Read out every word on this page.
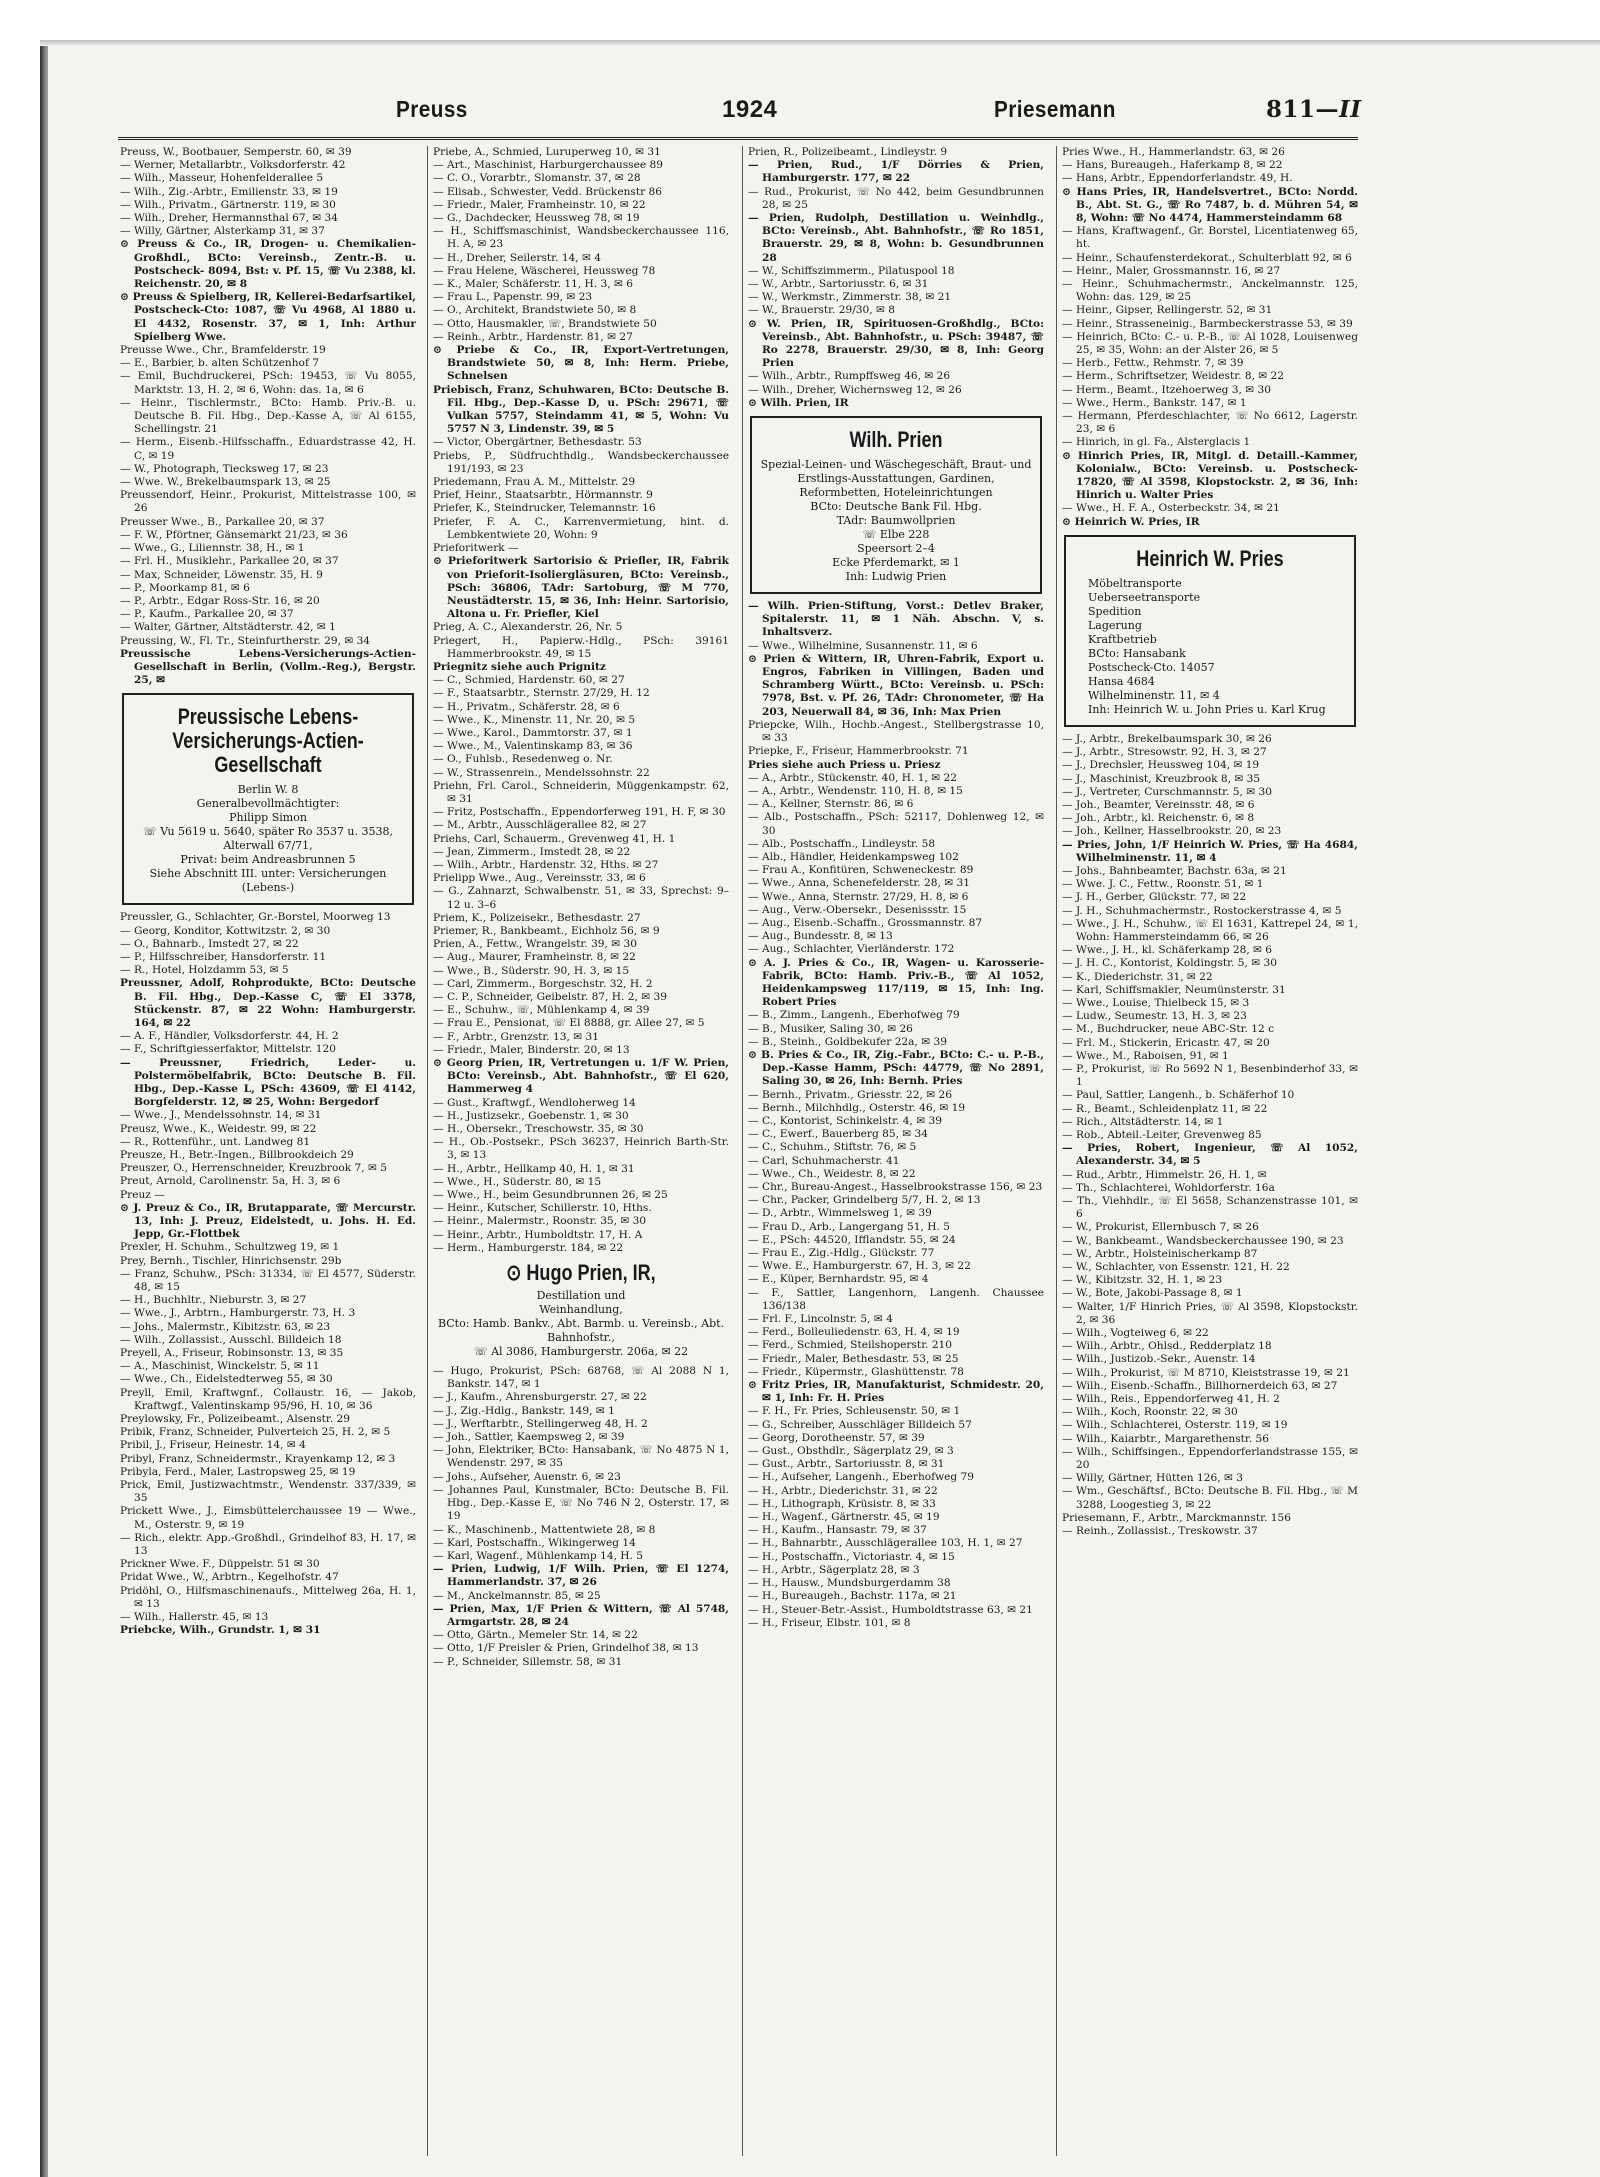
Preuss	1924	Priesemann	811—II

Preuss, W., Bootbauer, Semperstr. 60, ✉ 39

— Werner, Metallarbtr., Volksdorferstr. 42

— Wilh., Masseur, Hohenfelderallee 5

— Wilh., Zig.-Arbtr., Emilienstr. 33, ✉ 19

— Wilh., Privatm., Gärtnerstr. 119, ✉ 30

— Wilh., Dreher, Hermannsthal 67, ✉ 34

— Willy, Gärtner, Alsterkamp 31, ✉ 37

⊙ Preuss & Co., IR, Drogen- u. Chemikalien-Großhdl., BCto: Vereinsb., Zentr.-B. u. Postscheck- 8094, Bst: v. Pf. 15, ☏ Vu 2388, kl. Reichenstr. 20, ✉ 8

⊙ Preuss & Spielberg, IR, Kellerei-Bedarfsartikel, Postscheck-Cto: 1087, ☏ Vu 4968, Al 1880 u. El 4432, Rosenstr. 37, ✉ 1, Inh: Arthur Spielberg Wwe.

Preusse Wwe., Chr., Bramfelderstr. 19

— E., Barbier, b. alten Schützenhof 7

— Emil, Buchdruckerei, PSch: 19453, ☏ Vu 8055, Marktstr. 13, H. 2, ✉ 6, Wohn: das. 1a, ✉ 6

— Heinr., Tischlermstr., BCto: Hamb. Priv.-B. u. Deutsche B. Fil. Hbg., Dep.-Kasse A, ☏ Al 6155, Schellingstr. 21

— Herm., Eisenb.-Hilfsschaffn., Eduardstrasse 42, H. C, ✉ 19

— W., Photograph, Tiecksweg 17, ✉ 23

— Wwe. W., Brekelbaumspark 13, ✉ 25

Preussendorf, Heinr., Prokurist, Mittelstrasse 100, ✉ 26

Preusser Wwe., B., Parkallee 20, ✉ 37

— F. W., Pförtner, Gänsemarkt 21/23, ✉ 36

— Wwe., G., Liliennstr. 38, H., ✉ 1

— Frl. H., Musiklehr., Parkallee 20, ✉ 37

— Max, Schneider, Löwenstr. 35, H. 9

— P., Moorkamp 81, ✉ 6

— P., Arbtr., Edgar Ross-Str. 16, ✉ 20

— P., Kaufm., Parkallee 20, ✉ 37

— Walter, Gärtner, Altstädterstr. 42, ✉ 1

Preussing, W., Fl. Tr., Steinfurtherstr. 29, ✉ 34

Preussische Lebens-Versicherungs-Actien-Gesellschaft in Berlin, (Vollm.-Reg.), Bergstr. 25, ✉

Preussische Lebens-Versicherungs-Actien-Gesellschaft
Berlin W. 8
Generalbevollmächtigter:
Philipp Simon
☏ Vu 5619 u. 5640, später Ro 3537 u. 3538, Alterwall 67/71,
Privat: beim Andreasbrunnen 5
Siehe Abschnitt III. unter: Versicherungen (Lebens-)

Preussler, G., Schlachter, Gr.-Borstel, Moorweg 13

— Georg, Konditor, Kottwitzstr. 2, ✉ 30

— O., Bahnarb., Imstedt 27, ✉ 22

— P., Hilfsschreiber, Hansdorferstr. 11

— R., Hotel, Holzdamm 53, ✉ 5

Preussner, Adolf, Rohprodukte, BCto: Deutsche B. Fil. Hbg., Dep.-Kasse C, ☏ El 3378, Stückenstr. 87, ✉ 22 Wohn: Hamburgerstr. 164, ✉ 22

— A. F., Händler, Volksdorferstr. 44, H. 2

— F., Schriftgiesserfaktor, Mittelstr. 120

— Preussner, Friedrich, Leder- u. Polstermöbelfabrik, BCto: Deutsche B. Fil. Hbg., Dep.-Kasse L, PSch: 43609, ☏ El 4142, Borgfelderstr. 12, ✉ 25, Wohn: Bergedorf

— Wwe., J., Mendelssohnstr. 14, ✉ 31

Preusz, Wwe., K., Weidestr. 99, ✉ 22

— R., Rottenführ., unt. Landweg 81

Preusze, H., Betr.-Ingen., Billbrookdeich 29

Preuszer, O., Herrenschneider, Kreuzbrook 7, ✉ 5

Preut, Arnold, Carolinenstr. 5a, H. 3, ✉ 6

Preuz —

⊙ J. Preuz & Co., IR, Brutapparate, ☏ Mercurstr. 13, Inh: J. Preuz, Eidelstedt, u. Johs. H. Ed. Jepp, Gr.-Flottbek

Prexler, H. Schuhm., Schultzweg 19, ✉ 1

Prey, Bernh., Tischler, Hinrichsenstr. 29b

— Franz, Schuhw., PSch: 31334, ☏ El 4577, Süderstr. 48, ✉ 15

— H., Buchhltr., Nieburstr. 3, ✉ 27

— Wwe., J., Arbtrn., Hamburgerstr. 73, H. 3

— Johs., Malermstr., Kibitzstr. 63, ✉ 23

— Wilh., Zollassist., Ausschl. Billdeich 18

Preyell, A., Friseur, Robinsonstr. 13, ✉ 35

— A., Maschinist, Winckelstr. 5, ✉ 11

— Wwe., Ch., Eidelstedterweg 55, ✉ 30

Preyll, Emil, Kraftwgnf., Collaustr. 16, — Jakob, Kraftwgf., Valentinskamp 95/96, H. 10, ✉ 36

Preylowsky, Fr., Polizeibeamt., Alsenstr. 29

Pribik, Franz, Schneider, Pulverteich 25, H. 2, ✉ 5

Pribil, J., Friseur, Heinestr. 14, ✉ 4

Pribyl, Franz, Schneidermstr., Krayenkamp 12, ✉ 3

Pribyla, Ferd., Maler, Lastropsweg 25, ✉ 19

Prick, Emil, Justizwachtmstr., Wendenstr. 337/339, ✉ 35

Prickett Wwe., J., Eimsbüttelerchaussee 19 — Wwe., M., Osterstr. 9, ✉ 19

— Rich., elektr. App.-Großhdl., Grindelhof 83, H. 17, ✉ 13

Prickner Wwe. F., Düppelstr. 51 ✉ 30

Pridat Wwe., W., Arbtrn., Kegelhofstr. 47

Pridöhl, O., Hilfsmaschinenaufs., Mittelweg 26a, H. 1, ✉ 13

— Wilh., Hallerstr. 45, ✉ 13

Priebcke, Wilh., Grundstr. 1, ✉ 31

Priebe, A., Schmied, Luruperweg 10, ✉ 31

— Art., Maschinist, Harburgerchaussee 89

— C. O., Vorarbtr., Slomanstr. 37, ✉ 28

— Elisab., Schwester, Vedd. Brückenstr 86

— Friedr., Maler, Framheinstr. 10, ✉ 22

— G., Dachdecker, Heussweg 78, ✉ 19

— H., Schiffsmaschinist, Wandsbeckerchaussee 116, H. A, ✉ 23

— H., Dreher, Seilerstr. 14, ✉ 4

— Frau Helene, Wäscherei, Heussweg 78

— K., Maler, Schäferstr. 11, H. 3, ✉ 6

— Frau L., Papenstr. 99, ✉ 23

— O., Architekt, Brandstwiete 50, ✉ 8

— Otto, Hausmakler, ☏, Brandstwiete 50

— Reinh., Arbtr., Hardenstr. 81, ✉ 27

⊙ Priebe & Co., IR, Export-Vertretungen, Brandstwiete 50, ✉ 8, Inh: Herm. Priebe, Schnelsen

Priebisch, Franz, Schuhwaren, BCto: Deutsche B. Fil. Hbg., Dep.-Kasse D, u. PSch: 29671, ☏ Vulkan 5757, Steindamm 41, ✉ 5, Wohn: Vu 5757 N 3, Lindenstr. 39, ✉ 5

— Victor, Obergärtner, Bethesdastr. 53

Priebs, P., Südfruchthdlg., Wandsbeckerchaussee 191/193, ✉ 23

Priedemann, Frau A. M., Mittelstr. 29

Prief, Heinr., Staatsarbtr., Hörmannstr. 9

Priefer, K., Steindrucker, Telemannstr. 16

Priefer, F. A. C., Karrenvermietung, hint. d. Lembkentwiete 20, Wohn: 9

Prieforitwerk —

⊙ Prieforitwerk Sartorisio & Priefler, IR, Fabrik von Prieforit-Isoliergläsuren, BCto: Vereinsb., PSch: 36806, TAdr: Sartoburg, ☏ M 770, Neustädterstr. 15, ✉ 36, Inh: Heinr. Sartorisio, Altona u. Fr. Priefler, Kiel

Prieg, A. C., Alexanderstr. 26, Nr. 5

Priegert, H., Papierw.-Hdlg., PSch: 39161 Hammerbrookstr. 49, ✉ 15

Priegnitz siehe auch Prignitz

— C., Schmied, Hardenstr. 60, ✉ 27

— F., Staatsarbtr., Sternstr. 27/29, H. 12

— H., Privatm., Schäferstr. 28, ✉ 6

— Wwe., K., Minenstr. 11, Nr. 20, ✉ 5

— Wwe., Karol., Dammtorstr. 37, ✉ 1

— Wwe., M., Valentinskamp 83, ✉ 36

— O., Fuhlsb., Resedenweg o. Nr.

— W., Strassenrein., Mendelssohnstr. 22

Priehn, Frl. Carol., Schneiderin, Müggenkampstr. 62, ✉ 31

— Fritz, Postschaffn., Eppendorferweg 191, H. F, ✉ 30

— M., Arbtr., Ausschlägerallee 82, ✉ 27

Priehs, Carl, Schauerm., Grevenweg 41, H. 1

— Jean, Zimmerm., Imstedt 28, ✉ 22

— Wilh., Arbtr., Hardenstr. 32, Hths. ✉ 27

Prielipp Wwe., Aug., Vereinsstr. 33, ✉ 6

— G., Zahnarzt, Schwalbenstr. 51, ✉ 33, Sprechst: 9–12 u. 3–6

Priem, K., Polizeisekr., Bethesdastr. 27

Priemer, R., Bankbeamt., Eichholz 56, ✉ 9

Prien, A., Fettw., Wrangelstr. 39, ✉ 30

— Aug., Maurer, Framheinstr. 8, ✉ 22

— Wwe., B., Süderstr. 90, H. 3, ✉ 15

— Carl, Zimmerm., Borgeschstr. 32, H. 2

— C. P., Schneider, Geibelstr. 87, H. 2, ✉ 39

— E., Schuhw., ☏, Mühlenkamp 4, ✉ 39

— Frau E., Pensionat, ☏ El 8888, gr. Allee 27, ✉ 5

— F., Arbtr., Grenzstr. 13, ✉ 31

— Friedr., Maler, Binderstr. 20, ✉ 13

⊙ Georg Prien, IR, Vertretungen u. 1/F W. Prien, BCto: Vereinsb., Abt. Bahnhofstr., ☏ El 620, Hammerweg 4

— Gust., Kraftwgf., Wendloherweg 14

— H., Justizsekr., Goebenstr. 1, ✉ 30

— H., Obersekr., Treschowstr. 35, ✉ 30

— H., Ob.-Postsekr., PSch 36237, Heinrich Barth-Str. 3, ✉ 13

— H., Arbtr., Hellkamp 40, H. 1, ✉ 31

— Wwe., H., Süderstr. 80, ✉ 15

— Wwe., H., beim Gesundbrunnen 26, ✉ 25

— Heinr., Kutscher, Schillerstr. 10, Hths.

— Heinr., Malermstr., Roonstr. 35, ✉ 30

— Heinr., Arbtr., Humboldtstr. 17, H. A

— Herm., Hamburgerstr. 184, ✉ 22

⊙ Hugo Prien, IR,
Destillation und
Weinhandlung,
BCto: Hamb. Bankv., Abt. Barmb. u. Vereinsb., Abt. Bahnhofstr.,
☏ Al 3086, Hamburgerstr. 206a, ✉ 22

— Hugo, Prokurist, PSch: 68768, ☏ Al 2088 N 1, Bankstr. 147, ✉ 1

— J., Kaufm., Ahrensburgerstr. 27, ✉ 22

— J., Zig.-Hdlg., Bankstr. 149, ✉ 1

— J., Werftarbtr., Stellingerweg 48, H. 2

— Joh., Sattler, Kaempsweg 2, ✉ 39

— John, Elektriker, BCto: Hansabank, ☏ No 4875 N 1, Wendenstr. 297, ✉ 35

— Johs., Aufseher, Auenstr. 6, ✉ 23

— Johannes Paul, Kunstmaler, BCto: Deutsche B. Fil. Hbg., Dep.-Kasse E, ☏ No 746 N 2, Osterstr. 17, ✉ 19

— K., Maschinenb., Mattentwiete 28, ✉ 8

— Karl, Postschaffn., Wikingerweg 14

— Karl, Wagenf., Mühlenkamp 14, H. 5

— Prien, Ludwig, 1/F Wilh. Prien, ☏ El 1274, Hammerlandstr. 37, ✉ 26

— M., Anckelmannstr. 85, ✉ 25

— Prien, Max, 1/F Prien & Wittern, ☏ Al 5748, Armgartstr. 28, ✉ 24

— Otto, Gärtn., Memeler Str. 14, ✉ 22

— Otto, 1/F Preisler & Prien, Grindelhof 38, ✉ 13

— P., Schneider, Sillemstr. 58, ✉ 31

Prien, R., Polizeibeamt., Lindleystr. 9

— Prien, Rud., 1/F Dörries & Prien, Hamburgerstr. 177, ✉ 22

— Rud., Prokurist, ☏ No 442, beim Gesundbrunnen 28, ✉ 25

— Prien, Rudolph, Destillation u. Weinhdlg., BCto: Vereinsb., Abt. Bahnhofstr., ☏ Ro 1851, Brauerstr. 29, ✉ 8, Wohn: b. Gesundbrunnen 28

— W., Schiffszimmerm., Pilatuspool 18

— W., Arbtr., Sartoriusstr. 6, ✉ 31

— W., Werkmstr., Zimmerstr. 38, ✉ 21

— W., Brauerstr. 29/30, ✉ 8

⊙ W. Prien, IR, Spirituosen-Großhdlg., BCto: Vereinsb., Abt. Bahnhofstr., u. PSch: 39487, ☏ Ro 2278, Brauerstr. 29/30, ✉ 8, Inh: Georg Prien

— Wilh., Arbtr., Rumpffsweg 46, ✉ 26

— Wilh., Dreher, Wichernsweg 12, ✉ 26

⊙ Wilh. Prien, IR

Wilh. Prien
Spezial-Leinen- und Wäschegeschäft, Braut- und Erstlings-Ausstattungen, Gardinen, Reformbetten, Hoteleinrichtungen
BCto: Deutsche Bank Fil. Hbg.
TAdr: Baumwollprien
☏ Elbe 228
Speersort 2–4
Ecke Pferdemarkt, ✉ 1
Inh: Ludwig Prien

— Wilh. Prien-Stiftung, Vorst.: Detlev Braker, Spitalerstr. 11, ✉ 1 Näh. Abschn. V, s. Inhaltsverz.

— Wwe., Wilhelmine, Susannenstr. 11, ✉ 6

⊙ Prien & Wittern, IR, Uhren-Fabrik, Export u. Engros, Fabriken in Villingen, Baden und Schramberg Württ., BCto: Vereinsb. u. PSch: 7978, Bst. v. Pf. 26, TAdr: Chronometer, ☏ Ha 203, Neuerwall 84, ✉ 36, Inh: Max Prien

Priepcke, Wilh., Hochb.-Angest., Stellbergstrasse 10, ✉ 33

Priepke, F., Friseur, Hammerbrookstr. 71

Pries siehe auch Priess u. Priesz

— A., Arbtr., Stückenstr. 40, H. 1, ✉ 22

— A., Arbtr., Wendenstr. 110, H. 8, ✉ 15

— A., Kellner, Sternstr. 86, ✉ 6

— Alb., Postschaffn., PSch: 52117, Dohlenweg 12, ✉ 30

— Alb., Postschaffn., Lindleystr. 58

— Alb., Händler, Heidenkampsweg 102

— Frau A., Konfitüren, Schweneckestr. 89

— Wwe., Anna, Schenefelderstr. 28, ✉ 31

— Wwe., Anna, Sternstr. 27/29, H. 8, ✉ 6

— Aug., Verw.-Obersekr., Desenissstr. 15

— Aug., Eisenb.-Schaffn., Grossmannstr. 87

— Aug., Bundesstr. 8, ✉ 13

— Aug., Schlachter, Vierländerstr. 172

⊙ A. J. Pries & Co., IR, Wagen- u. Karosserie-Fabrik, BCto: Hamb. Priv.-B., ☏ Al 1052, Heidenkampsweg 117/119, ✉ 15, Inh: Ing. Robert Pries

— B., Zimm., Langenh., Eberhofweg 79

— B., Musiker, Saling 30, ✉ 26

— B., Steinh., Goldbekufer 22a, ✉ 39

⊙ B. Pries & Co., IR, Zig.-Fabr., BCto: C.- u. P.-B., Dep.-Kasse Hamm, PSch: 44779, ☏ No 2891, Saling 30, ✉ 26, Inh: Bernh. Pries

— Bernh., Privatm., Griesstr. 22, ✉ 26

— Bernh., Milchhdlg., Osterstr. 46, ✉ 19

— C., Kontorist, Schinkelstr. 4, ✉ 39

— C., Ewerf., Bauerberg 85, ✉ 34

— C., Schuhm., Stiftstr. 76, ✉ 5

— Carl, Schuhmacherstr. 41

— Wwe., Ch., Weidestr. 8, ✉ 22

— Chr., Bureau-Angest., Hasselbrookstrasse 156, ✉ 23

— Chr., Packer, Grindelberg 5/7, H. 2, ✉ 13

— D., Arbtr., Wimmelsweg 1, ✉ 39

— Frau D., Arb., Langergang 51, H. 5

— E., PSch: 44520, Ifflandstr. 55, ✉ 24

— Frau E., Zig.-Hdlg., Glückstr. 77

— Wwe. E., Hamburgerstr. 67, H. 3, ✉ 22

— E., Küper, Bernhardstr. 95, ✉ 4

— F., Sattler, Langenhorn, Langenh. Chaussee 136/138

— Frl. F., Lincolnstr. 5, ✉ 4

— Ferd., Bolleuliedenstr. 63, H. 4, ✉ 19

— Ferd., Schmied, Steilshoperstr. 210

— Friedr., Maler, Bethesdastr. 53, ✉ 25

— Friedr., Küpermstr., Glashüttenstr. 78

⊙ Fritz Pries, IR, Manufakturist, Schmidestr. 20, ✉ 1, Inh: Fr. H. Pries

— F. H., Fr. Pries, Schleusenstr. 50, ✉ 1

— G., Schreiber, Ausschläger Billdeich 57

— Georg, Dorotheenstr. 57, ✉ 39

— Gust., Obsthdlr., Sägerplatz 29, ✉ 3

— Gust., Arbtr., Sartoriusstr. 8, ✉ 31

— H., Aufseher, Langenh., Eberhofweg 79

— H., Arbtr., Diederichstr. 31, ✉ 22

— H., Lithograph, Krüsistr. 8, ✉ 33

— H., Wagenf., Gärtnerstr. 45, ✉ 19

— H., Kaufm., Hansastr. 79, ✉ 37

— H., Bahnarbtr., Ausschlägerallee 103, H. 1, ✉ 27

— H., Postschaffn., Victoriastr. 4, ✉ 15

— H., Arbtr., Sägerplatz 28, ✉ 3

— H., Hausw., Mundsburgerdamm 38

— H., Bureaugeh., Bachstr. 117a, ✉ 21

— H., Steuer-Betr.-Assist., Humboldtstrasse 63, ✉ 21

— H., Friseur, Elbstr. 101, ✉ 8

Pries Wwe., H., Hammerlandstr. 63, ✉ 26

— Hans, Bureaugeh., Haferkamp 8, ✉ 22

— Hans, Arbtr., Eppendorferlandstr. 49, H.

⊙ Hans Pries, IR, Handelsvertret., BCto: Nordd. B., Abt. St. G., ☏ Ro 7487, b. d. Mühren 54, ✉ 8, Wohn: ☏ No 4474, Hammersteindamm 68

— Hans, Kraftwagenf., Gr. Borstel, Licentiatenweg 65, ht.

— Heinr., Schaufensterdekorat., Schulterblatt 92, ✉ 6

— Heinr., Maler, Grossmannstr. 16, ✉ 27

— Heinr., Schuhmachermstr., Anckelmannstr. 125, Wohn: das. 129, ✉ 25

— Heinr., Gipser, Rellingerstr. 52, ✉ 31

— Heinr., Strasseneinig., Barmbeckerstrasse 53, ✉ 39

— Heinrich, BCto: C.- u. P.-B., ☏ Al 1028, Louisenweg 25, ✉ 35, Wohn: an der Alster 26, ✉ 5

— Herb., Fettw., Rehmstr. 7, ✉ 39

— Herm., Schriftsetzer, Weidestr. 8, ✉ 22

— Herm., Beamt., Itzehoerweg 3, ✉ 30

— Wwe., Herm., Bankstr. 147, ✉ 1

— Hermann, Pferdeschlachter, ☏ No 6612, Lagerstr. 23, ✉ 6

— Hinrich, in gl. Fa., Alsterglacis 1

⊙ Hinrich Pries, IR, Mitgl. d. Detaill.-Kammer, Kolonialw., BCto: Vereinsb. u. Postscheck- 17820, ☏ Al 3598, Klopstockstr. 2, ✉ 36, Inh: Hinrich u. Walter Pries

— Wwe., H. F. A., Osterbeckstr. 34, ✉ 21

⊙ Heinrich W. Pries, IR

Heinrich W. Pries
Möbeltransporte
Ueberseetransporte
Spedition
Lagerung
Kraftbetrieb
BCto: Hansabank
Postscheck-Cto. 14057
Hansa 4684
Wilhelminenstr. 11, ✉ 4
Inh: Heinrich W. u. John Pries u. Karl Krug

— J., Arbtr., Brekelbaumspark 30, ✉ 26

— J., Arbtr., Stresowstr. 92, H. 3, ✉ 27

— J., Drechsler, Heussweg 104, ✉ 19

— J., Maschinist, Kreuzbrook 8, ✉ 35

— J., Vertreter, Curschmannstr. 5, ✉ 30

— Joh., Beamter, Vereinsstr. 48, ✉ 6

— Joh., Arbtr., kl. Reichenstr. 6, ✉ 8

— Joh., Kellner, Hasselbrookstr. 20, ✉ 23

— Pries, John, 1/F Heinrich W. Pries, ☏ Ha 4684, Wilhelminenstr. 11, ✉ 4

— Johs., Bahnbeamter, Bachstr. 63a, ✉ 21

— Wwe. J. C., Fettw., Roonstr. 51, ✉ 1

— J. H., Gerber, Glückstr. 77, ✉ 22

— J. H., Schuhmachermstr., Rostockerstrasse 4, ✉ 5

— Wwe., J. H., Schuhw., ☏ El 1631, Kattrepel 24, ✉ 1, Wohn: Hammersteindamm 66, ✉ 26

— Wwe., J. H., kl. Schäferkamp 28, ✉ 6

— J. H. C., Kontorist, Koldingstr. 5, ✉ 30

— K., Diederichstr. 31, ✉ 22

— Karl, Schiffsmakler, Neumünsterstr. 31

— Wwe., Louise, Thielbeck 15, ✉ 3

— Ludw., Seumestr. 13, H. 3, ✉ 23

— M., Buchdrucker, neue ABC-Str. 12 c

— Frl. M., Stickerin, Ericastr. 47, ✉ 20

— Wwe., M., Raboisen, 91, ✉ 1

— P., Prokurist, ☏ Ro 5692 N 1, Besenbinderhof 33, ✉ 1

— Paul, Sattler, Langenh., b. Schäferhof 10

— R., Beamt., Schleidenplatz 11, ✉ 22

— Rich., Altstädterstr. 14, ✉ 1

— Rob., Abteil.-Leiter, Grevenweg 85

— Pries, Robert, Ingenieur, ☏ Al 1052, Alexanderstr. 34, ✉ 5

— Rud., Arbtr., Himmelstr. 26, H. 1, ✉

— Th., Schlachterei, Wohldorferstr. 16a

— Th., Viehhdlr., ☏ El 5658, Schanzenstrasse 101, ✉ 6

— W., Prokurist, Ellernbusch 7, ✉ 26

— W., Bankbeamt., Wandsbeckerchaussee 190, ✉ 23

— W., Arbtr., Holsteinischerkamp 87

— W., Schlachter, von Essenstr. 121, H. 22

— W., Kibitzstr. 32, H. 1, ✉ 23

— W., Bote, Jakobi-Passage 8, ✉ 1

— Walter, 1/F Hinrich Pries, ☏ Al 3598, Klopstockstr. 2, ✉ 36

— Wilh., Vogteiweg 6, ✉ 22

— Wilh., Arbtr., Ohlsd., Redderplatz 18

— Wilh., Justizob.-Sekr., Auenstr. 14

— Wilh., Prokurist, ☏ M 8710, Kleiststrasse 19, ✉ 21

— Wilh., Eisenb.-Schaffn., Billhornerdeich 63, ✉ 27

— Wilh., Reis., Eppendorferweg 41, H. 2

— Wilh., Koch, Roonstr. 22, ✉ 30

— Wilh., Schlachterei, Osterstr. 119, ✉ 19

— Wilh., Kaiarbtr., Margarethenstr. 56

— Wilh., Schiffsingen., Eppendorferlandstrasse 155, ✉ 20

— Willy, Gärtner, Hütten 126, ✉ 3

— Wm., Geschäftsf., BCto: Deutsche B. Fil. Hbg., ☏ M 3288, Loogestieg 3, ✉ 22

Priesemann, F., Arbtr., Marckmannstr. 156

— Reinh., Zollassist., Treskowstr. 37
